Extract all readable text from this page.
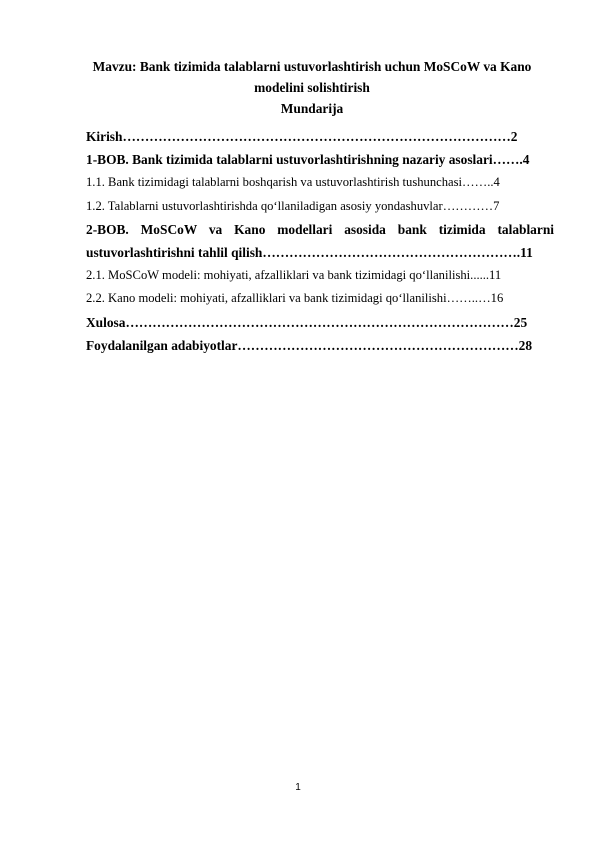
Mavzu: Bank tizimida talablarni ustuvorlashtirish uchun MoSCoW va Kano
modelini solishtirish
Mundarija
Kirish……………………………………………………………………………2
1-BOB. Bank tizimida talablarni ustuvorlashtirishning nazariy asoslari…….4
1.1. Bank tizimidagi talablarni boshqarish va ustuvorlashtirish tushunchasi……..4
1.2. Talablarni ustuvorlashtirishda qo‘llaniladigan asosiy yondashuvlar…………7
2-BOB. MoSCoW va Kano modellari asosida bank tizimida talablarni
ustuvorlashtirishni tahlil qilish………………………………………………….11
2.1. MoSCoW modeli: mohiyati, afzalliklari va bank tizimidagi qo‘llanilishi......11
2.2. Kano modeli: mohiyati, afzalliklari va bank tizimidagi qo‘llanilishi……..…16
Xulosa……………………………………………………………………………25
Foydalanilgan adabiyotlar………………………………………………………28
1
